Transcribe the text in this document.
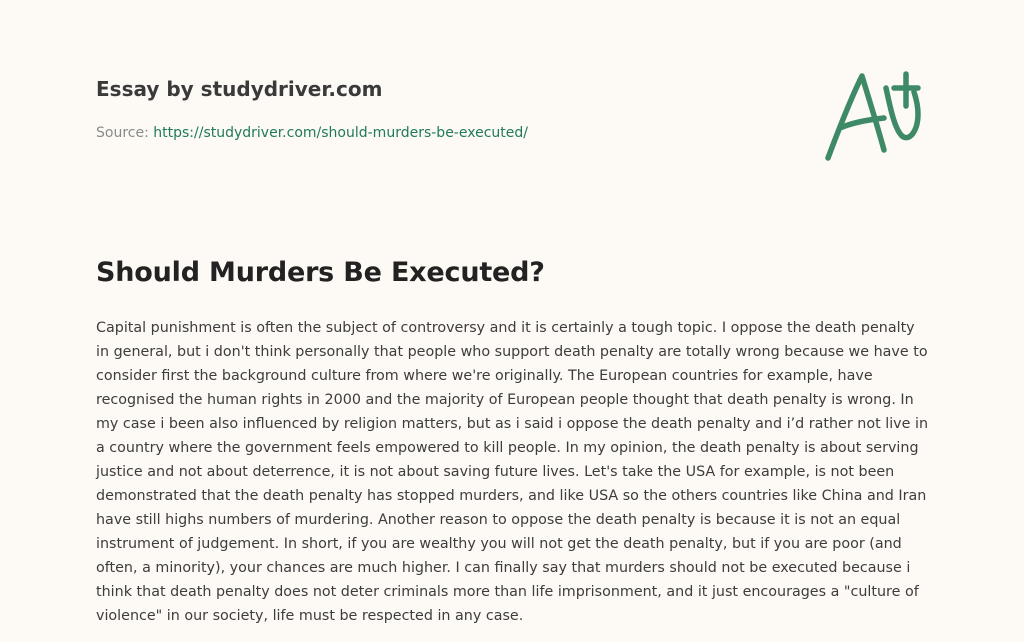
Essay by studydriver.com

Source: https://studydriver.com/should-murders-be-executed/
Should Murders Be Executed?

Capital punishment is often the subject of controversy and it is certainly a tough topic. I oppose the death penalty in general, but i don't think personally that people who support death penalty are totally wrong because we have to consider first the background culture from where we're originally. The European countries for example, have recognised the human rights in 2000 and the majority of European people thought that death penalty is wrong. In my case i been also influenced by religion matters, but as i said i oppose the death penalty and i’d rather not live in a country where the government feels empowered to kill people. In my opinion, the death penalty is about serving justice and not about deterrence, it is not about saving future lives. Let's take the USA for example, is not been demonstrated that the death penalty has stopped murders, and like USA so the others countries like China and Iran have still highs numbers of murdering. Another reason to oppose the death penalty is because it is not an equal instrument of judgement. In short, if you are wealthy you will not get the death penalty, but if you are poor (and often, a minority), your chances are much higher. I can finally say that murders should not be executed because i think that death penalty does not deter criminals more than life imprisonment, and it just encourages a "culture of violence" in our society, life must be respected in any case.
